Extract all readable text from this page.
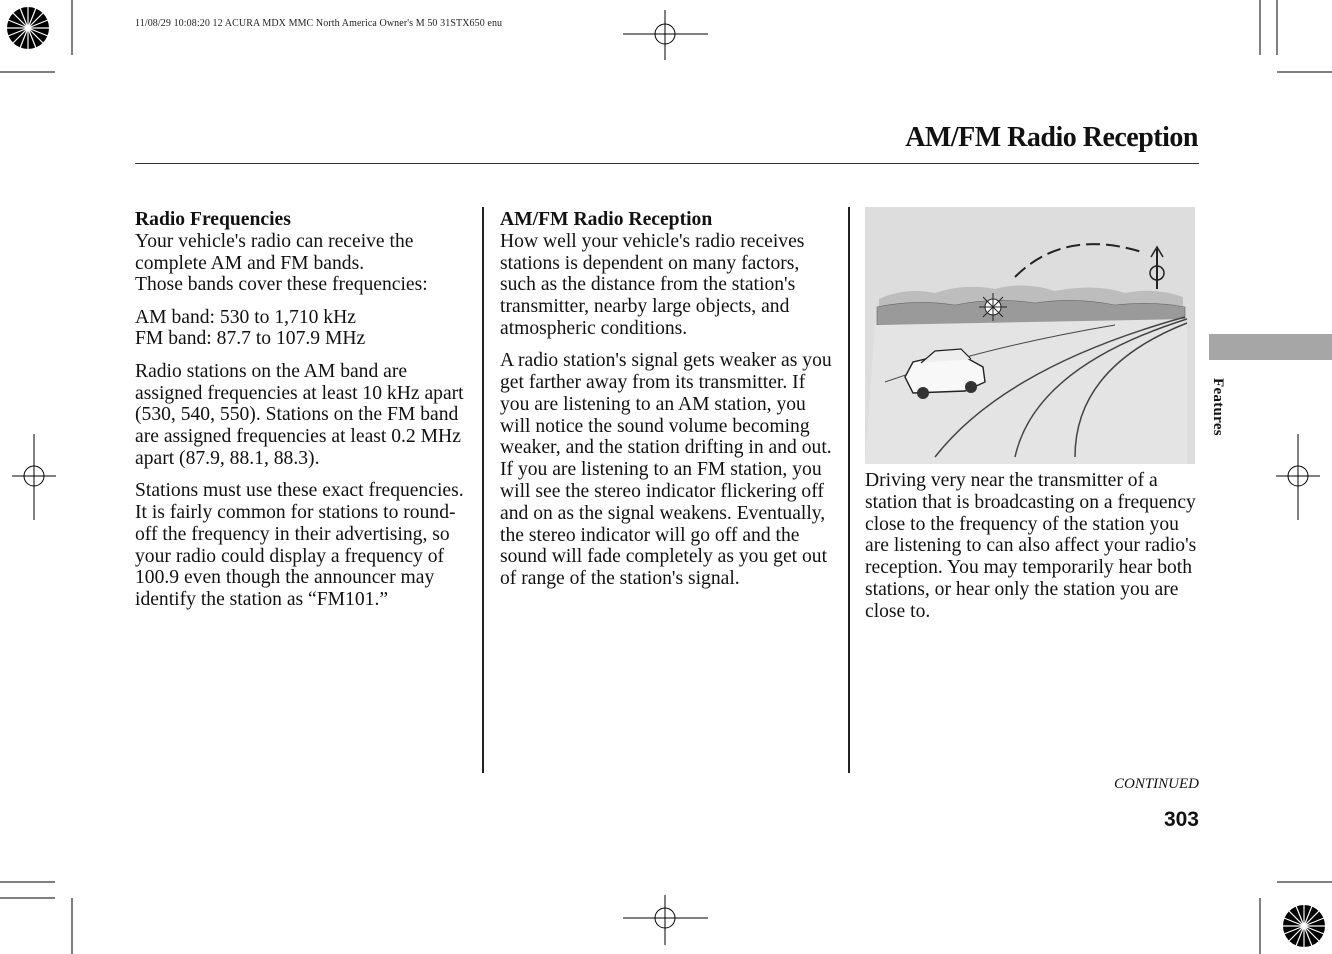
11/08/29 10:08:20 12 ACURA MDX MMC North America Owner's M 50 31STX650 enu
AM/FM Radio Reception
Radio Frequencies

Your vehicle's radio can receive the complete AM and FM bands.

Those bands cover these frequencies:

AM band: 530 to 1,710 kHz

FM band: 87.7 to 107.9 MHz

Radio stations on the AM band are assigned frequencies at least 10 kHz apart (530, 540, 550). Stations on the FM band are assigned frequencies at least 0.2 MHz apart (87.9, 88.1, 88.3).

Stations must use these exact frequencies. It is fairly common for stations to round-off the frequency in their advertising, so your radio could display a frequency of 100.9 even though the announcer may identify the station as “FM101.”

AM/FM Radio Reception

How well your vehicle's radio receives stations is dependent on many factors, such as the distance from the station's transmitter, nearby large objects, and atmospheric conditions.

A radio station's signal gets weaker as you get farther away from its transmitter. If you are listening to an AM station, you will notice the sound volume becoming weaker, and the station drifting in and out. If you are listening to an FM station, you will see the stereo indicator flickering off and on as the signal weakens. Eventually, the stereo indicator will go off and the sound will fade completely as you get out of range of the station's signal.

Driving very near the transmitter of a station that is broadcasting on a frequency close to the frequency of the station you are listening to can also affect your radio's reception. You may temporarily hear both stations, or hear only the station you are close to.

Features
CONTINUED
303
